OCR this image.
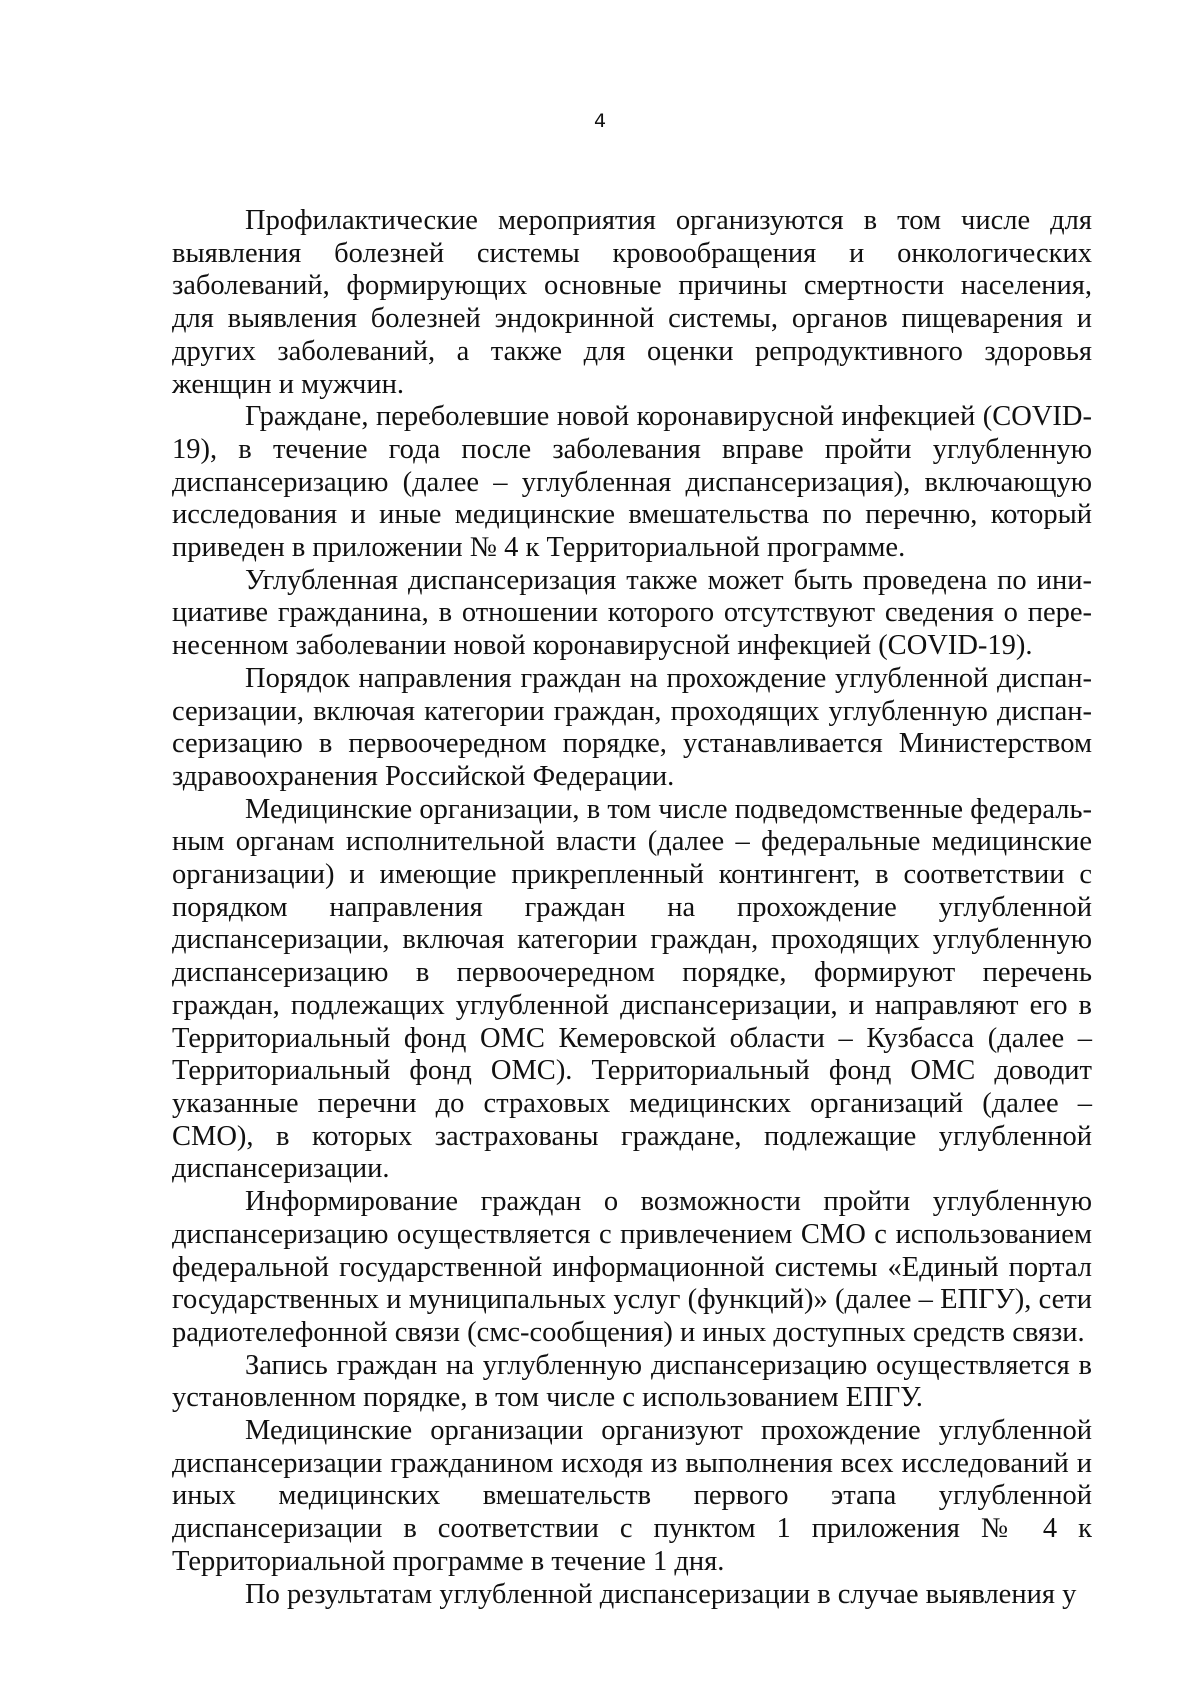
4

Профилактические мероприятия организуются в том числе для выявления болезней системы кровообращения и онкологических заболеваний, формирующих основные причины смертности населения, для выявления болезней эндокринной системы, органов пищеварения и других заболеваний, а также для оценки репродуктивного здоровья женщин и мужчин.

Граждане, переболевшие новой коронавирусной инфекцией (COVID-19), в течение года после заболевания вправе пройти углубленную диспансеризацию (далее – углубленная диспансеризация), включающую исследования и иные медицинские вмешательства по перечню, который приведен в приложении № 4 к Территориальной программе.

Углубленная диспансеризация также может быть проведена по инициативе гражданина, в отношении которого отсутствуют сведения о перенесенном заболевании новой коронавирусной инфекцией (COVID-19).

Порядок направления граждан на прохождение углубленной диспансеризации, включая категории граждан, проходящих углубленную диспансеризацию в первоочередном порядке, устанавливается Министерством здравоохранения Российской Федерации.

Медицинские организации, в том числе подведомственные федеральным органам исполнительной власти (далее – федеральные медицинские организации) и имеющие прикрепленный контингент, в соответствии с порядком направления граждан на прохождение углубленной диспансеризации, включая категории граждан, проходящих углубленную диспансеризацию в первоочередном порядке, формируют перечень граждан, подлежащих углубленной диспансеризации, и направляют его в Территориальный фонд ОМС Кемеровской области – Кузбасса (далее – Территориальный фонд ОМС). Территориальный фонд ОМС доводит указанные перечни до страховых медицинских организаций (далее – СМО), в которых застрахованы граждане, подлежащие углубленной диспансеризации.

Информирование граждан о возможности пройти углубленную диспансеризацию осуществляется с привлечением СМО с использованием федеральной государственной информационной системы «Единый портал государственных и муниципальных услуг (функций)» (далее – ЕПГУ), сети радиотелефонной связи (смс-сообщения) и иных доступных средств связи.

Запись граждан на углубленную диспансеризацию осуществляется в установленном порядке, в том числе с использованием ЕПГУ.

Медицинские организации организуют прохождение углубленной диспансеризации гражданином исходя из выполнения всех исследований и иных медицинских вмешательств первого этапа углубленной диспансеризации в соответствии с пунктом 1 приложения № 4 к Территориальной программе в течение 1 дня.

По результатам углубленной диспансеризации в случае выявления у
